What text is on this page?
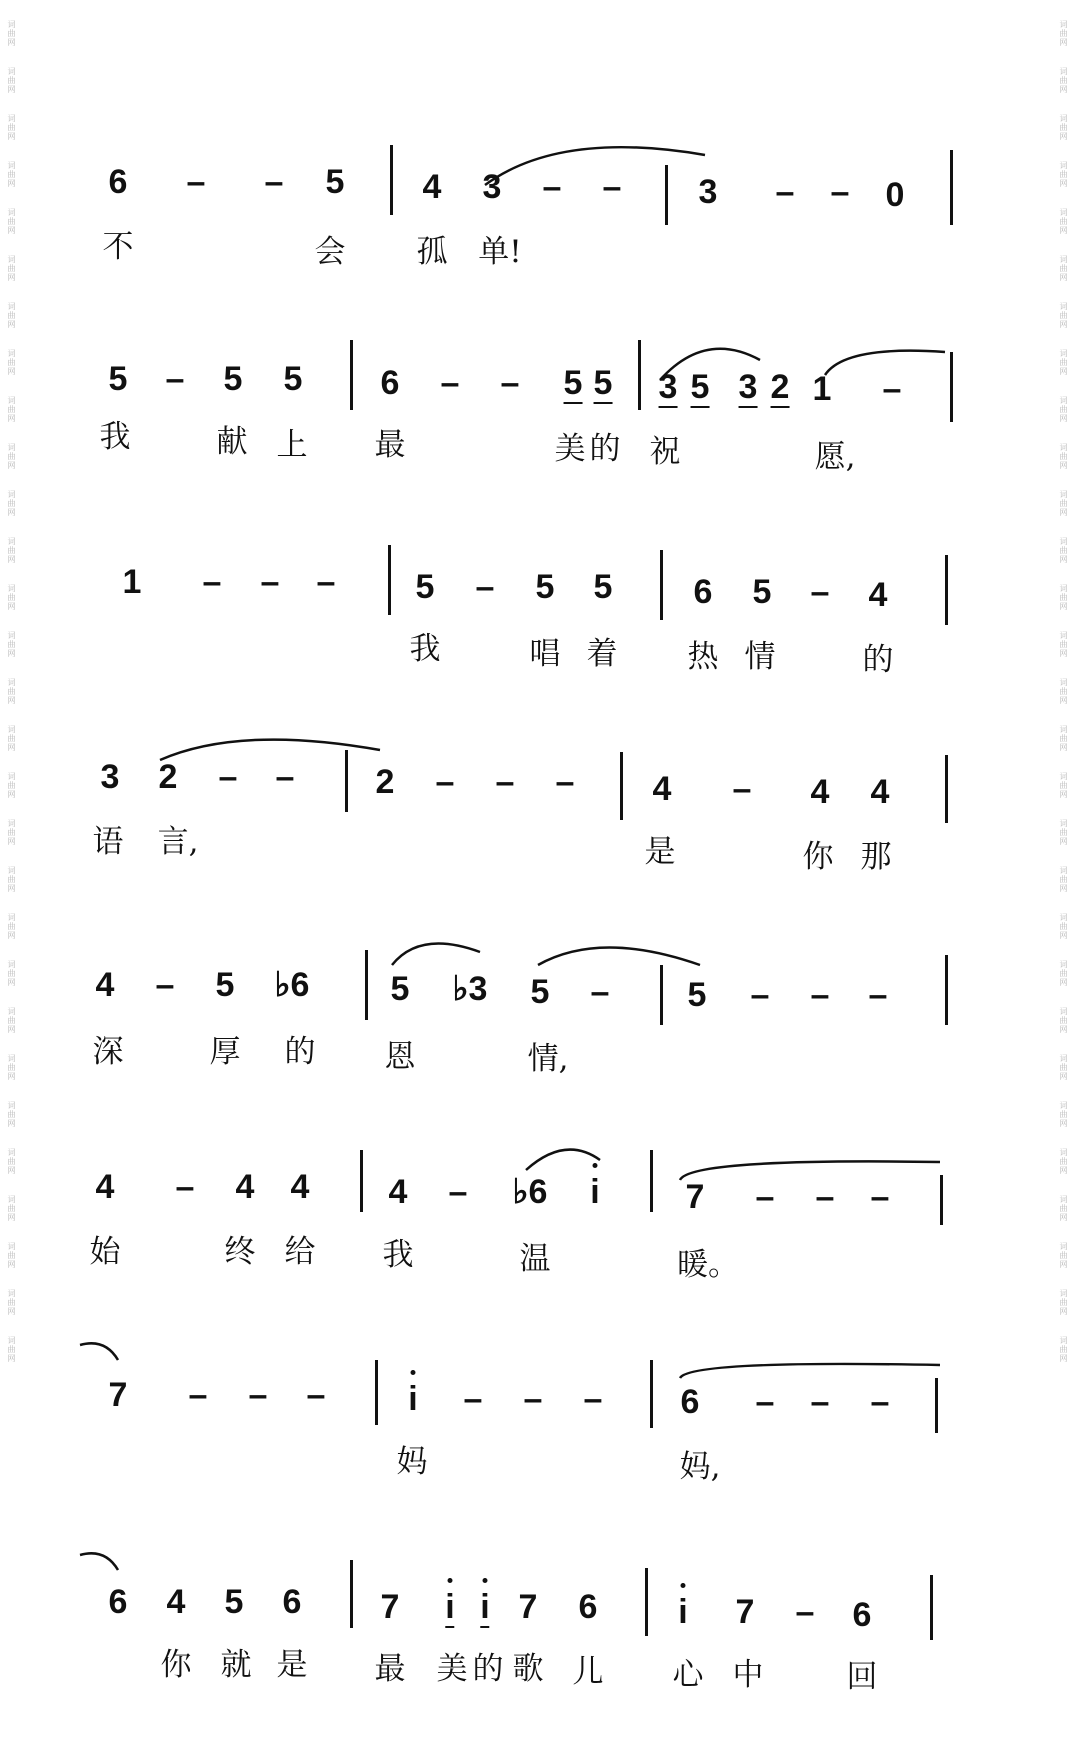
词曲网
词曲网
词曲网
词曲网
词曲网
词曲网
词曲网
词曲网
词曲网
词曲网
词曲网
词曲网
词曲网
词曲网
词曲网
词曲网
词曲网
词曲网
词曲网
词曲网
词曲网
词曲网
词曲网
词曲网
词曲网
词曲网
词曲网
词曲网
词曲网
词曲网
词曲网
词曲网
词曲网
词曲网
词曲网
词曲网
词曲网
词曲网
词曲网
词曲网
词曲网
词曲网
词曲网
词曲网
词曲网
词曲网
词曲网
词曲网
词曲网
词曲网
词曲网
词曲网
词曲网
词曲网
词曲网
词曲网
词曲网
词曲网
6 – – 5 4 3 – – 3 – – 0
不	会 孤 单!
5 – 5 5 6 – – 5 5 3 5 3 2 1 –
我	献 上 最	美 的 祝	愿,
1 – – – 5 – 5 5 6 5 – 4
我	唱 着 热 情	的
3 2 – – 2 – – – 4 – 4 4
语 言,	是	你 那
4 – 5 ♭6 5 ♭3 5 – 5 – – –
深	厚 的 恩	情,
4 – 4 4 4 – ♭6 i	7 – – –
始	终 给 我	温	暖。
7 – – – i – – – 6 – – –
妈	妈,
6 4 5 6 7 i i 7 6 i 7 – 6
你 就 是 最 美 的 歌 儿 心 中	回
